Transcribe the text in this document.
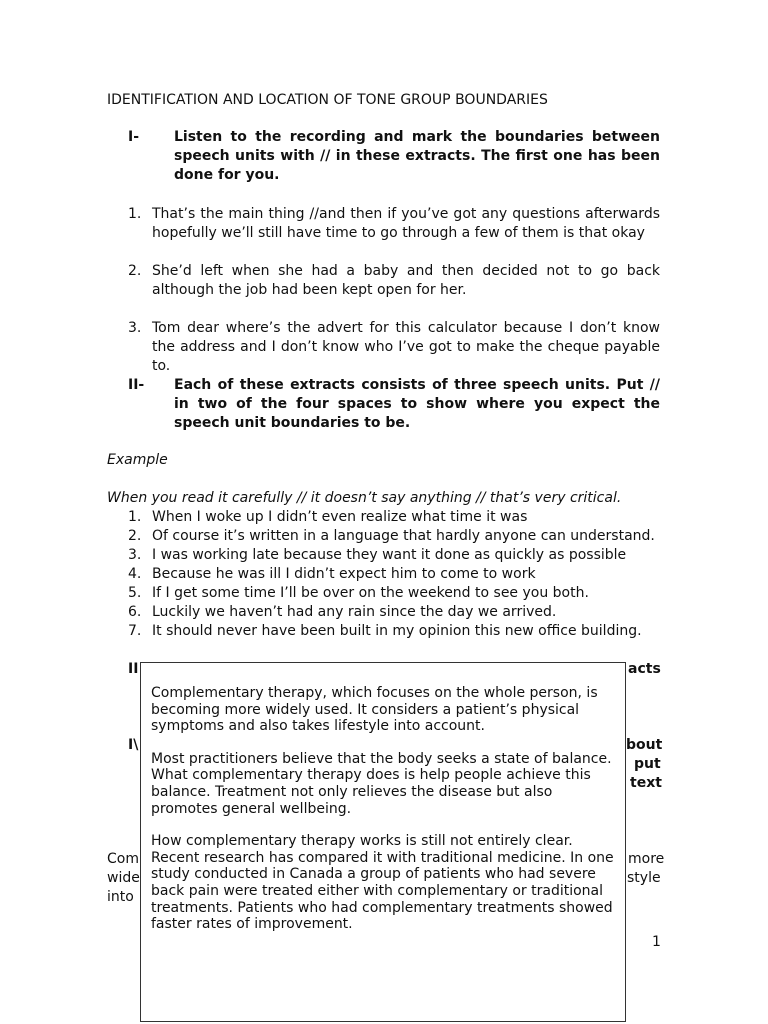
IDENTIFICATION AND LOCATION OF TONE GROUP BOUNDARIES
I- Listen to the recording and mark the boundaries between speech units with // in these extracts. The first one has been done for you.
1. That’s the main thing //and then if you’ve got any questions afterwards hopefully we’ll still have time to go through a few of them is that okay
2. She’d left when she had a baby and then decided not to go back although the job had been kept open for her.
3. Tom dear where’s the advert for this calculator because I don’t know the address and I don’t know who I’ve got to make the cheque payable to.
II- Each of these extracts consists of three speech units. Put // in two of the four spaces to show where you expect the speech unit boundaries to be.
Example
When you read it carefully // it doesn’t say anything // that’s very critical.
1. When I woke up I didn’t even realize what time it was
2. Of course it’s written in a language that hardly anyone can understand.
3. I was working late because they want it done as quickly as possible
4. Because he was ill I didn’t expect him to come to work
5. If I get some time I’ll be over on the weekend to see you both.
6. Luckily we haven’t had any rain since the day we arrived.
7. It should never have been built in my opinion this new office building.
II	acts
I\	bout
put
text
Com
wide
into
more
style
1

Complementary therapy, which focuses on the whole person, is becoming more widely used. It considers a patient’s physical symptoms and also takes lifestyle into account.

Most practitioners believe that the body seeks a state of balance. What complementary therapy does is help people achieve this balance. Treatment not only relieves the disease but also promotes general wellbeing.

How complementary therapy works is still not entirely clear. Recent research has compared it with traditional medicine. In one study conducted in Canada a group of patients who had severe back pain were treated either with complementary or traditional treatments. Patients who had complementary treatments showed faster rates of improvement.
